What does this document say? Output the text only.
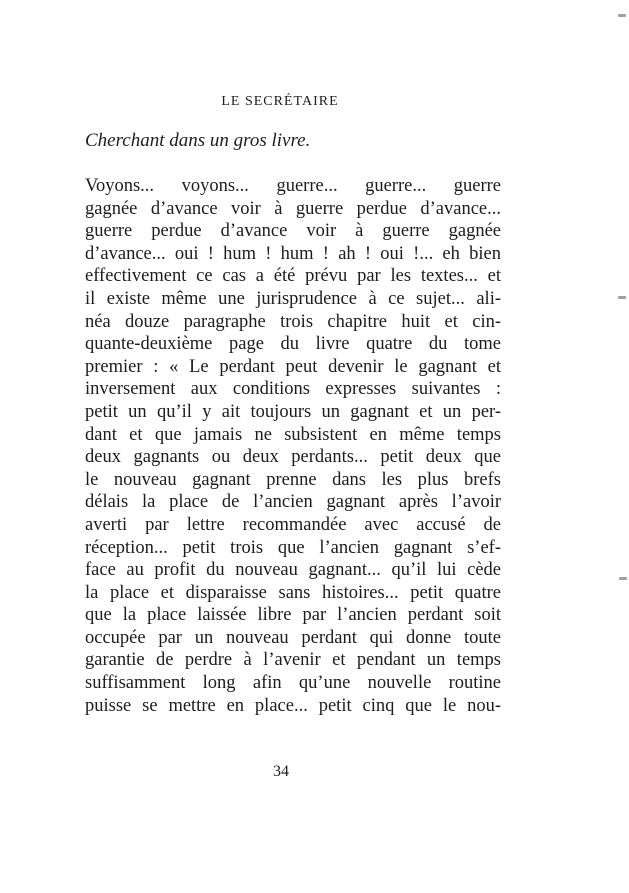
LE SECRÉTAIRE
Cherchant dans un gros livre.
Voyons... voyons... guerre... guerre... guerre
gagnée d’avance voir à guerre perdue d’avance...
guerre perdue d’avance voir à guerre gagnée
d’avance... oui ! hum ! hum ! ah ! oui !... eh bien
effectivement ce cas a été prévu par les textes... et
il existe même une jurisprudence à ce sujet... ali-
néa douze paragraphe trois chapitre huit et cin-
quante-deuxième page du livre quatre du tome
premier : « Le perdant peut devenir le gagnant et
inversement aux conditions expresses suivantes :
petit un qu’il y ait toujours un gagnant et un per-
dant et que jamais ne subsistent en même temps
deux gagnants ou deux perdants... petit deux que
le nouveau gagnant prenne dans les plus brefs
délais la place de l’ancien gagnant après l’avoir
averti par lettre recommandée avec accusé de
réception... petit trois que l’ancien gagnant s’ef-
face au profit du nouveau gagnant... qu’il lui cède
la place et disparaisse sans histoires... petit quatre
que la place laissée libre par l’ancien perdant soit
occupée par un nouveau perdant qui donne toute
garantie de perdre à l’avenir et pendant un temps
suffisamment long afin qu’une nouvelle routine
puisse se mettre en place... petit cinq que le nou-
34
